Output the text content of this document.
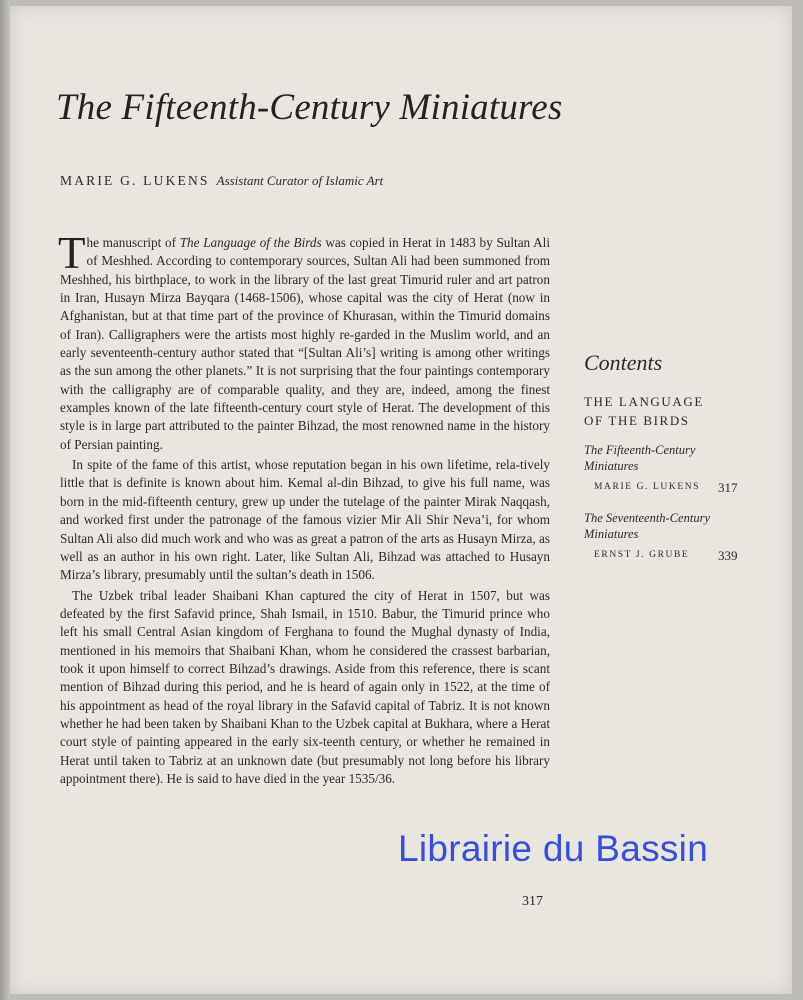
The Fifteenth-Century Miniatures
MARIE G. LUKENS Assistant Curator of Islamic Art

The manuscript of The Language of the Birds was copied in Herat in 1483 by Sultan Ali of Meshhed. According to contemporary sources, Sultan Ali had been summoned from Meshhed, his birthplace, to work in the library of the last great Timurid ruler and art patron in Iran, Husayn Mirza Bayqara (1468-1506), whose capital was the city of Herat (now in Afghanistan, but at that time part of the province of Khurasan, within the Timurid domains of Iran). Calligraphers were the artists most highly re-garded in the Muslim world, and an early seventeenth-century author stated that “[Sultan Ali’s] writing is among other writings as the sun among the other planets.” It is not surprising that the four paintings contemporary with the calligraphy are of comparable quality, and they are, indeed, among the finest examples known of the late fifteenth-century court style of Herat. The development of this style is in large part attributed to the painter Bihzad, the most renowned name in the history of Persian painting.

In spite of the fame of this artist, whose reputation began in his own lifetime, rela-tively little that is definite is known about him. Kemal al-din Bihzad, to give his full name, was born in the mid-fifteenth century, grew up under the tutelage of the painter Mirak Naqqash, and worked first under the patronage of the famous vizier Mir Ali Shir Neva’i, for whom Sultan Ali also did much work and who was as great a patron of the arts as Husayn Mirza, as well as an author in his own right. Later, like Sultan Ali, Bihzad was attached to Husayn Mirza’s library, presumably until the sultan’s death in 1506.

The Uzbek tribal leader Shaibani Khan captured the city of Herat in 1507, but was defeated by the first Safavid prince, Shah Ismail, in 1510. Babur, the Timurid prince who left his small Central Asian kingdom of Ferghana to found the Mughal dynasty of India, mentioned in his memoirs that Shaibani Khan, whom he considered the crassest barbarian, took it upon himself to correct Bihzad’s drawings. Aside from this reference, there is scant mention of Bihzad during this period, and he is heard of again only in 1522, at the time of his appointment as head of the royal library in the Safavid capital of Tabriz. It is not known whether he had been taken by Shaibani Khan to the Uzbek capital at Bukhara, where a Herat court style of painting appeared in the early six-teenth century, or whether he remained in Herat until taken to Tabriz at an unknown date (but presumably not long before his library appointment there). He is said to have died in the year 1535/36.

Contents
THE LANGUAGE OF THE BIRDS
The Fifteenth-Century Miniatures
MARIE G. LUKENS 317
The Seventeenth-Century Miniatures
ERNST J. GRUBE 339
317
Librairie du Bassin
